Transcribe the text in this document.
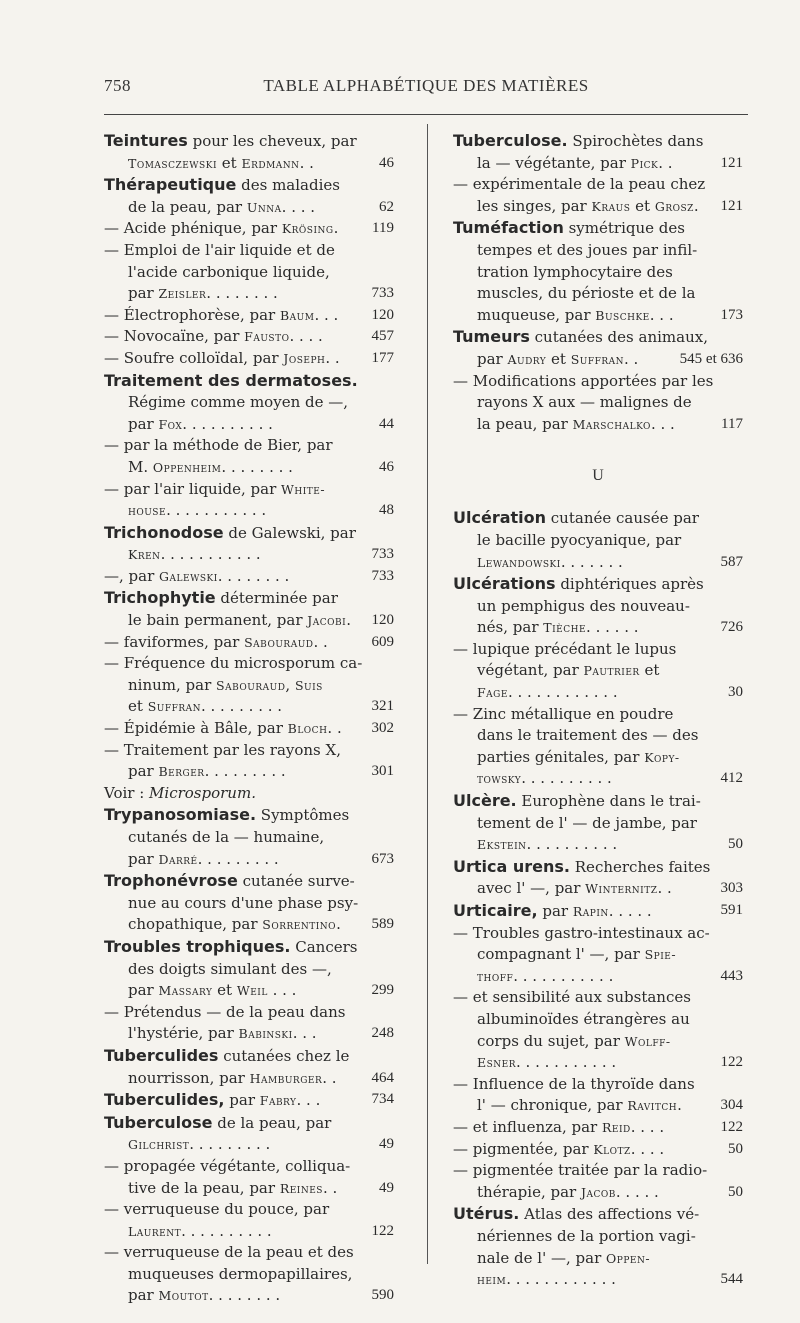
758	TABLE ALPHABÉTIQUE DES MATIÈRES
Teintures pour les cheveux, par
Tomasczewski et Erdmann. .	46
Thérapeutique des maladies
de la peau, par Unna. . . .	62
— Acide phénique, par Krösing. 119
— Emploi de l'air liquide et de
l'acide carbonique liquide,
par Zeisler. . . . . . . .	733
— Électrophorèse, par Baum. . . 120
— Novocaïne, par Fausto. . . .	457
— Soufre colloïdal, par Joseph. . 177
Traitement des dermatoses.
Régime comme moyen de —,
par Fox. . . . . . . . . .	44
— par la méthode de Bier, par
M. Oppenheim. . . . . . . .	46
— par l'air liquide, par White-
house. . . . . . . . . . .	48
Trichonodose de Galewski, par
Kren. . . . . . . . . . .	733
—, par Galewski. . . . . . . .	733
Trichophytie déterminée par
le bain permanent, par Jacobi. 120
— faviformes, par Sabouraud. .	609
— Fréquence du microsporum ca-
ninum, par Sabouraud, Suis
et Suffran. . . . . . . . .	321
— Épidémie à Bâle, par Bloch. . 302
— Traitement par les rayons X,
par Berger. . . . . . . . .	301
Voir : Microsporum.
Trypanosomiase. Symptômes
cutanés de la — humaine,
par Darré. . . . . . . . .	673
Trophonévrose cutanée surve-
nue au cours d'une phase psy-
chopathique, par Sorrentino. 589
Troubles trophiques. Cancers
des doigts simulant des —,
par Massary et Weil . . .	299
— Prétendus — de la peau dans
l'hystérie, par Babinski. . .	248
Tuberculides cutanées chez le
nourrisson, par Hamburger. . 464
Tuberculides, par Fabry. . .	734
Tuberculose de la peau, par
Gilchrist. . . . . . . . .	49
— propagée végétante, colliqua-
tive de la peau, par Reines. .	49
— verruqueuse du pouce, par
Laurent. . . . . . . . . .	122
— verruqueuse de la peau et des
muqueuses dermopapillaires,
par Moutot. . . . . . . .	590
Tuberculose. Spirochètes dans
la — végétante, par Pick. .	121
— expérimentale de la peau chez
les singes, par Kraus et Grosz. 121
Tuméfaction symétrique des
tempes et des joues par infil-
tration lymphocytaire des
muscles, du périoste et de la
muqueuse, par Buschke. . .	173
Tumeurs cutanées des animaux,
par Audry et Suffran. .	545 et 636
— Modifications apportées par les
rayons X aux — malignes de
la peau, par Marschalko. . .	117
U
Ulcération cutanée causée par
le bacille pyocyanique, par
Lewandowski. . . . . . .	587
Ulcérations diphtériques après
un pemphigus des nouveau-
nés, par Tièche. . . . . .	726
— lupique précédant le lupus
végétant, par Pautrier et
Fage. . . . . . . . . . . .	30
— Zinc métallique en poudre
dans le traitement des — des
parties génitales, par Kopy-
towsky. . . . . . . . . .	412
Ulcère. Europhène dans le trai-
tement de l' — de jambe, par
Ekstein. . . . . . . . . .	50
Urtica urens. Recherches faites
avec l' —, par Winternitz. .	303
Urticaire, par Rapin. . . . .	591
— Troubles gastro-intestinaux ac-
compagnant l' —, par Spie-
thoff. . . . . . . . . . .	443
— et sensibilité aux substances
albuminoïdes étrangères au
corps du sujet, par Wolff-
Esner. . . . . . . . . . .	122
— Influence de la thyroïde dans
l' — chronique, par Ravitch.	304
— et influenza, par Reid. . . .	122
— pigmentée, par Klotz. . . .	50
— pigmentée traitée par la radio-
thérapie, par Jacob. . . . .	50
Utérus. Atlas des affections vé-
nériennes de la portion vagi-
nale de l' —, par Oppen-
heim. . . . . . . . . . . .	544
